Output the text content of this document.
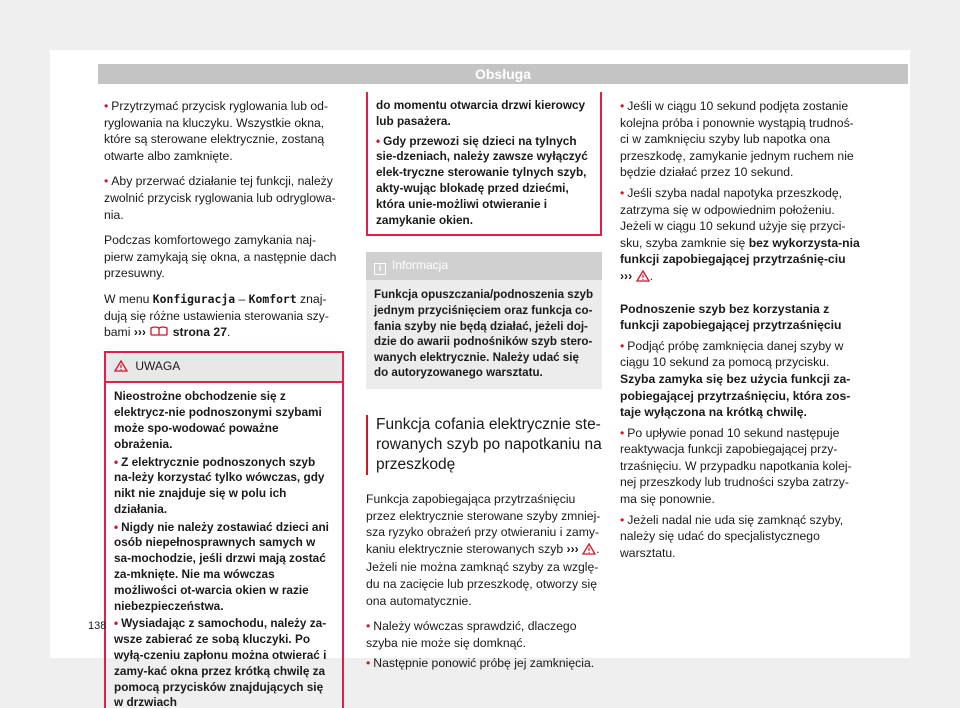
Obsługa

• Przytrzymać przycisk ryglowania lub od-ryglowania na kluczyku. Wszystkie okna, które są sterowane elektrycznie, zostaną otwarte albo zamknięte.

• Aby przerwać działanie tej funkcji, należy zwolnić przycisk ryglowania lub odryglowa-nia.

Podczas komfortowego zamykania naj-pierw zamykają się okna, a następnie dach przesuwny.

W menu Konfiguracja – Komfort znaj-dują się różne ustawienia sterowania szy-bami ››› strona 27.

UWAGA

Nieostrożne obchodzenie się z elektrycz-nie podnoszonymi szybami może spo-wodować poważne obrażenia.

• Z elektrycznie podnoszonych szyb na-leży korzystać tylko wówczas, gdy nikt nie znajduje się w polu ich działania.

• Nigdy nie należy zostawiać dzieci ani osób niepełnosprawnych samych w sa-mochodzie, jeśli drzwi mają zostać za-mknięte. Nie ma wówczas możliwości ot-warcia okien w razie niebezpieczeństwa.

• Wysiadając z samochodu, należy za-wsze zabierać ze sobą kluczyki. Po wyłą-czeniu zapłonu można otwierać i zamy-kać okna przez krótką chwilę za pomocą przycisków znajdujących się w drzwiach

do momentu otwarcia drzwi kierowcy lub pasażera.

• Gdy przewozi się dzieci na tylnych sie-dzeniach, należy zawsze wyłączyć elek-tryczne sterowanie tylnych szyb, akty-wując blokadę przed dziećmi, która unie-możliwi otwieranie i zamykanie okien.

i Informacja
Funkcja opuszczania/podnoszenia szyb jednym przyciśnięciem oraz funkcja co-fania szyby nie będą działać, jeżeli doj-dzie do awarii podnośników szyb stero-wanych elektrycznie. Należy udać się do autoryzowanego warsztatu.
Funkcja cofania elektrycznie ste-rowanych szyb po napotkaniu na przeszkodę

Funkcja zapobiegająca przytrzaśnięciu przez elektrycznie sterowane szyby zmniej-sza ryzyko obrażeń przy otwieraniu i zamy-kaniu elektrycznie sterowanych szyb ››› . Jeżeli nie można zamknąć szyby za wzglę-du na zacięcie lub przeszkodę, otworzy się ona automatycznie.

• Należy wówczas sprawdzić, dlaczego szyba nie może się domknąć.

• Następnie ponowić próbę jej zamknięcia.

• Jeśli w ciągu 10 sekund podjęta zostanie kolejna próba i ponownie wystąpią trudnoś-ci w zamknięciu szyby lub napotka ona przeszkodę, zamykanie jednym ruchem nie będzie działać przez 10 sekund.

• Jeśli szyba nadal napotyka przeszkodę, zatrzyma się w odpowiednim położeniu. Jeżeli w ciągu 10 sekund użyje się przyci-sku, szyba zamknie się bez wykorzysta-nia funkcji zapobiegającej przytrzaśnię-ciu ››› .

Podnoszenie szyb bez korzystania z funkcji zapobiegającej przytrzaśnięciu

• Podjąć próbę zamknięcia danej szyby w ciągu 10 sekund za pomocą przycisku.

Szyba zamyka się bez użycia funkcji za-pobiegającej przytrzaśnięciu, która zos-taje wyłączona na krótką chwilę.

• Po upływie ponad 10 sekund następuje reaktywacja funkcji zapobiegającej przy-trzaśnięciu. W przypadku napotkania kolej-nej przeszkody lub trudności szyba zatrzy-ma się ponownie.

• Jeżeli nadal nie uda się zamknąć szyby, należy się udać do specjalistycznego warsztatu.

138
